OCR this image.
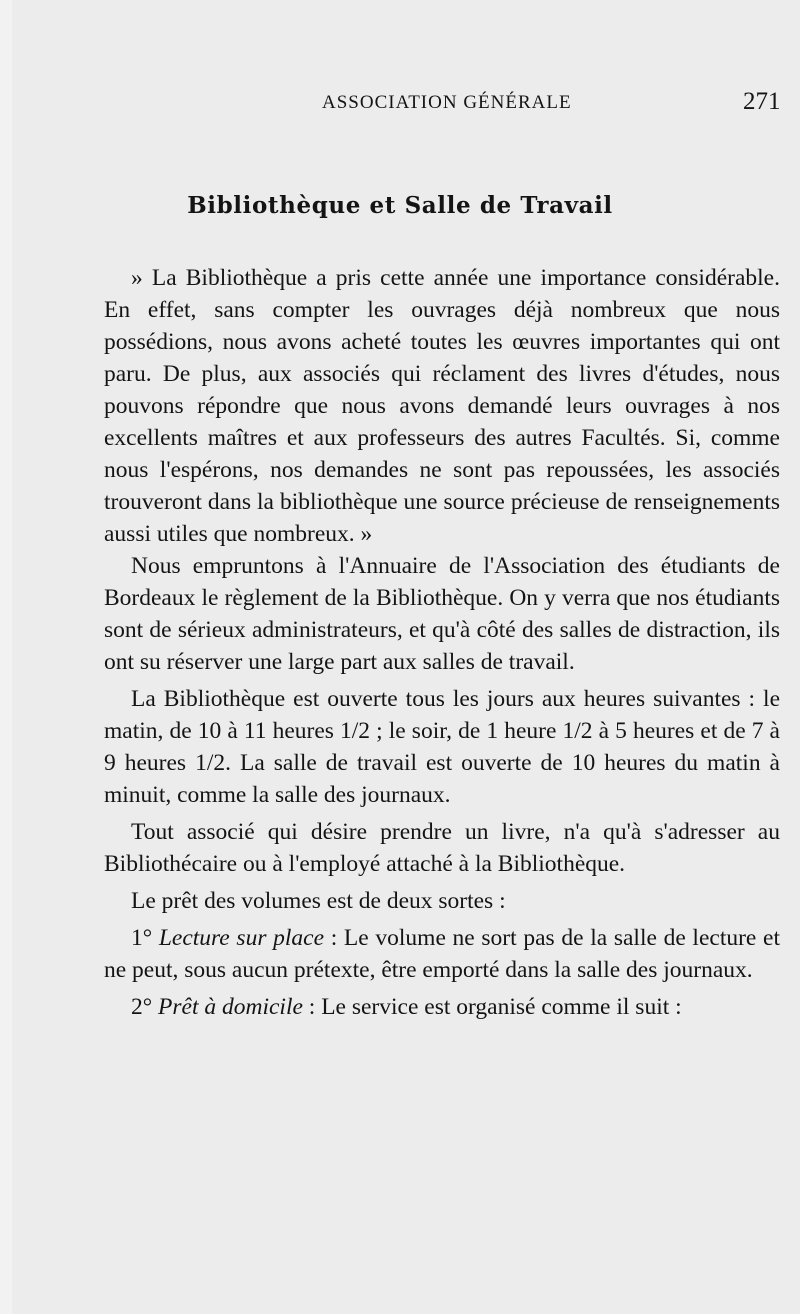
ASSOCIATION GÉNÉRALE	271
Bibliothèque et Salle de Travail

» La Bibliothèque a pris cette année une importance considérable. En effet, sans compter les ouvrages déjà nombreux que nous possédions, nous avons acheté toutes les œuvres importantes qui ont paru. De plus, aux associés qui réclament des livres d'études, nous pouvons répondre que nous avons demandé leurs ouvrages à nos excellents maîtres et aux professeurs des autres Facultés. Si, comme nous l'espérons, nos demandes ne sont pas repoussées, les associés trouveront dans la bibliothèque une source précieuse de renseignements aussi utiles que nombreux. »

Nous empruntons à l'Annuaire de l'Association des étudiants de Bordeaux le règlement de la Bibliothèque. On y verra que nos étudiants sont de sérieux administrateurs, et qu'à côté des salles de distraction, ils ont su réserver une large part aux salles de travail.

La Bibliothèque est ouverte tous les jours aux heures suivantes : le matin, de 10 à 11 heures 1/2 ; le soir, de 1 heure 1/2 à 5 heures et de 7 à 9 heures 1/2. La salle de travail est ouverte de 10 heures du matin à minuit, comme la salle des journaux.

Tout associé qui désire prendre un livre, n'a qu'à s'adresser au Bibliothécaire ou à l'employé attaché à la Bibliothèque.

Le prêt des volumes est de deux sortes :

1° Lecture sur place : Le volume ne sort pas de la salle de lecture et ne peut, sous aucun prétexte, être emporté dans la salle des journaux.

2° Prêt à domicile : Le service est organisé comme il suit :
